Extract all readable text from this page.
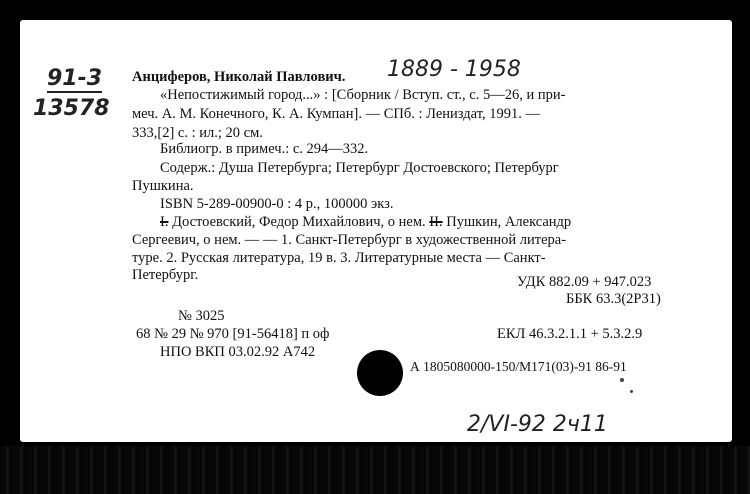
91-3
13578
1889 - 1958
Анциферов, Николай Павлович.
«Непостижимый город...» : [Сборник / Вступ. ст., с. 5—26, и при-
меч. А. М. Конечного, К. А. Кумпан]. — СПб. : Лениздат, 1991. —
333,[2] с. : ил.; 20 см.
Библиогр. в примеч.: с. 294—332.
Содерж.: Душа Петербурга; Петербург Достоевского; Петербург
Пушкина.
ISBN 5-289-00900-0 : 4 р., 100000 экз.
I. Достоевский, Федор Михайлович, о нем. II. Пушкин, Александр
Сергеевич, о нем. — — 1. Санкт-Петербург в художественной литера-
туре. 2. Русская литература, 19 в. 3. Литературные места — Санкт-
Петербург.	УДК 882.09 + 947.023
ББК 63.3(2Р31)
№ 3025
68 № 29 № 970 [91-56418] п оф	ЕКЛ 46.3.2.1.1 + 5.3.2.9
НПО ВКП 03.02.92 А742
А 1805080000-150/М171(03)-91 86-91
2/VI-92 2ч11
